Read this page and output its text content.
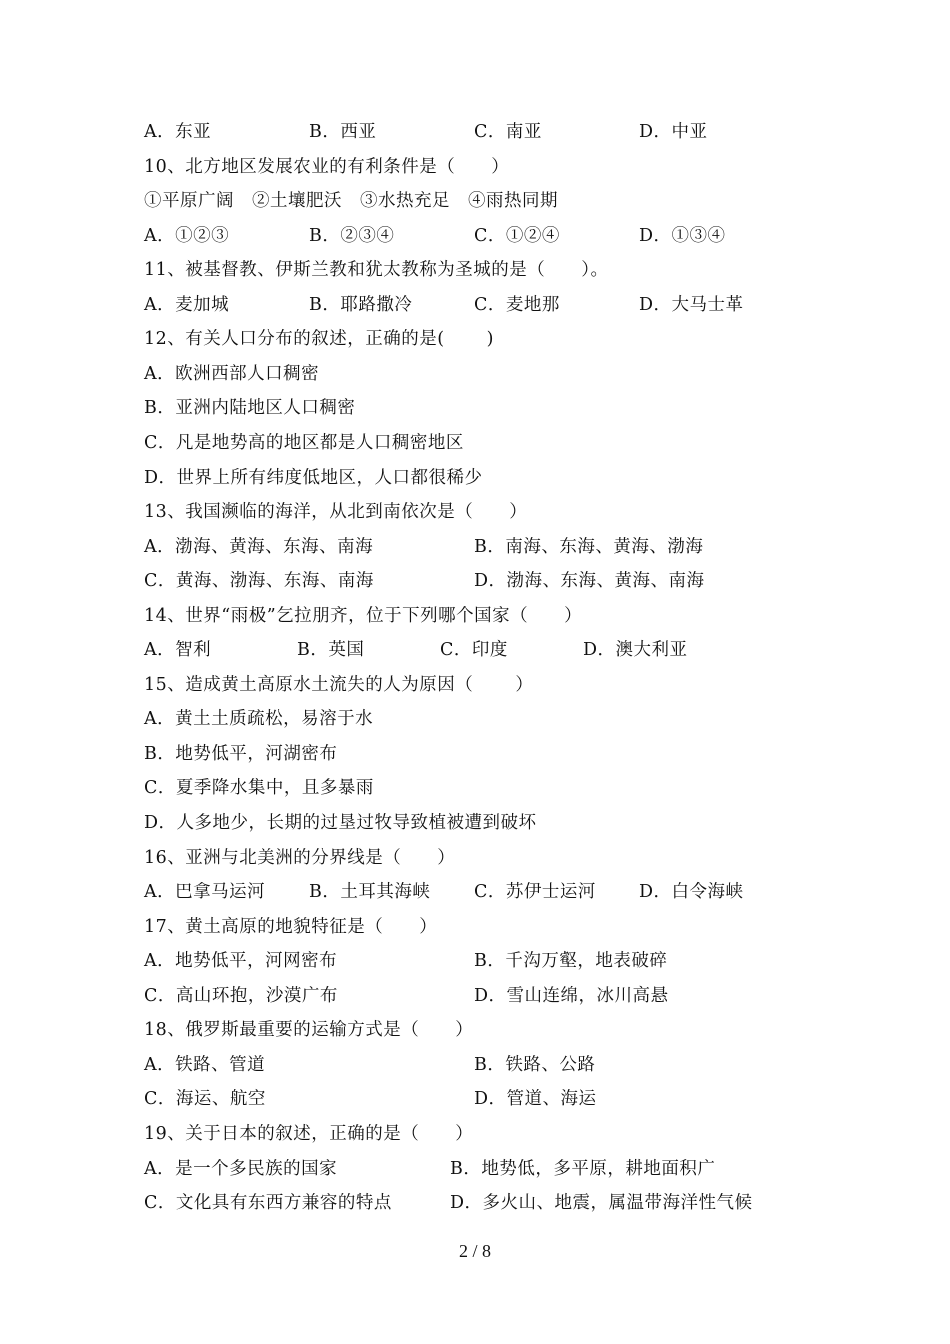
A．东亚	B．西亚	C．南亚	D．中亚
10、北方地区发展农业的有利条件是（　　）
①平原广阔　②土壤肥沃　③水热充足　④雨热同期
A．①②③	B．②③④	C．①②④	D．①③④
11、被基督教、伊斯兰教和犹太教称为圣城的是（　　）。
A．麦加城	B．耶路撒冷	C．麦地那	D．大马士革
12、有关人口分布的叙述，正确的是(　　 )
A．欧洲西部人口稠密
B．亚洲内陆地区人口稠密
C．凡是地势高的地区都是人口稠密地区
D．世界上所有纬度低地区，人口都很稀少
13、我国濒临的海洋，从北到南依次是（　　）
A．渤海、黄海、东海、南海	B．南海、东海、黄海、渤海
C．黄海、渤海、东海、南海	D．渤海、东海、黄海、南海
14、世界“雨极”乞拉朋齐，位于下列哪个国家（　　）
A．智利	B．英国	C．印度	D．澳大利亚
15、造成黄土高原水土流失的人为原因（　　 ）
A．黄土土质疏松，易溶于水
B．地势低平，河湖密布
C．夏季降水集中，且多暴雨
D．人多地少，长期的过垦过牧导致植被遭到破坏
16、亚洲与北美洲的分界线是（　　）
A．巴拿马运河	B．土耳其海峡 C．苏伊士运河 D．白令海峡
17、黄土高原的地貌特征是（　　）
A．地势低平，河网密布	B．千沟万壑，地表破碎
C．高山环抱，沙漠广布	D．雪山连绵，冰川高悬
18、俄罗斯最重要的运输方式是（　　）
A．铁路、管道	B．铁路、公路
C．海运、航空	D．管道、海运
19、关于日本的叙述，正确的是（　　）
A．是一个多民族的国家	B．地势低，多平原，耕地面积广
C．文化具有东西方兼容的特点	D．多火山、地震，属温带海洋性气候
2 / 8
